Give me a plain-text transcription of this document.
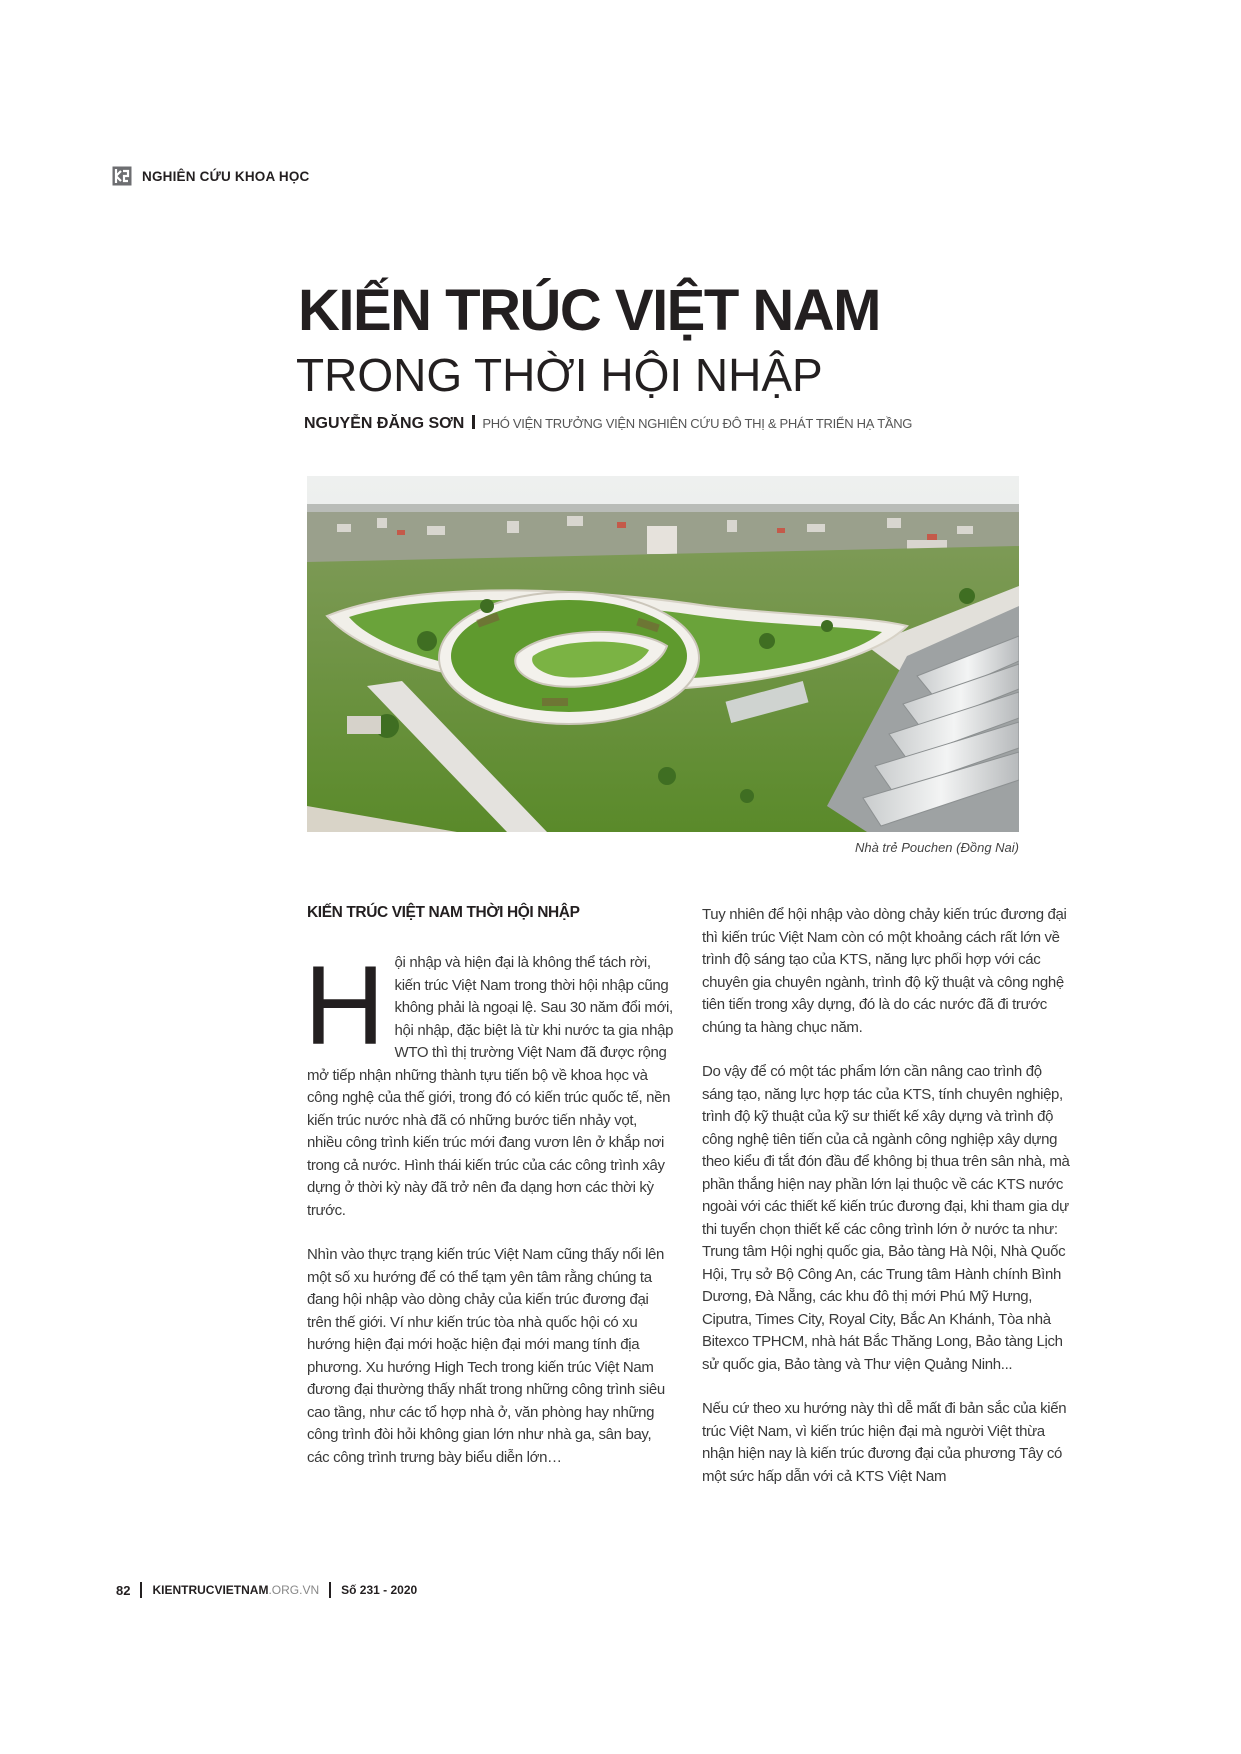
NGHIÊN CỨU KHOA HỌC
KIẾN TRÚC VIỆT NAM
TRONG THỜI HỘI NHẬP
NGUYỄN ĐĂNG SƠN PHÓ VIỆN TRƯỞNG VIỆN NGHIÊN CỨU ĐÔ THỊ & PHÁT TRIỂN HẠ TẦNG
Nhà trẻ Pouchen (Đồng Nai)
KIẾN TRÚC VIỆT NAM THỜI HỘI NHẬP

Hội nhập và hiện đại là không thể tách rời, kiến trúc Việt Nam trong thời hội nhập cũng không phải là ngoại lệ. Sau 30 năm đổi mới, hội nhập, đặc biệt là từ khi nước ta gia nhập WTO thì thị trường Việt Nam đã được rộng mở tiếp nhận những thành tựu tiến bộ về khoa học và công nghệ của thế giới, trong đó có kiến trúc quốc tế, nền kiến trúc nước nhà đã có những bước tiến nhảy vọt, nhiều công trình kiến trúc mới đang vươn lên ở khắp nơi trong cả nước. Hình thái kiến trúc của các công trình xây dựng ở thời kỳ này đã trở nên đa dạng hơn các thời kỳ trước.

Nhìn vào thực trạng kiến trúc Việt Nam cũng thấy nổi lên một số xu hướng để có thể tạm yên tâm rằng chúng ta đang hội nhập vào dòng chảy của kiến trúc đương đại trên thế giới. Ví như kiến trúc tòa nhà quốc hội có xu hướng hiện đại mới hoặc hiện đại mới mang tính địa phương. Xu hướng High Tech trong kiến trúc Việt Nam đương đại thường thấy nhất trong những công trình siêu cao tầng, như các tổ hợp nhà ở, văn phòng hay những công trình đòi hỏi không gian lớn như nhà ga, sân bay, các công trình trưng bày biểu diễn lớn…

Tuy nhiên để hội nhập vào dòng chảy kiến trúc đương đại thì kiến trúc Việt Nam còn có một khoảng cách rất lớn về trình độ sáng tạo của KTS, năng lực phối hợp với các chuyên gia chuyên ngành, trình độ kỹ thuật và công nghệ tiên tiến trong xây dựng, đó là do các nước đã đi trước chúng ta hàng chục năm.

Do vậy để có một tác phẩm lớn cần nâng cao trình độ sáng tạo, năng lực hợp tác của KTS, tính chuyên nghiệp, trình độ kỹ thuật của kỹ sư thiết kế xây dựng và trình độ công nghệ tiên tiến của cả ngành công nghiệp xây dựng theo kiểu đi tắt đón đầu để không bị thua trên sân nhà, mà phần thắng hiện nay phần lớn lại thuộc về các KTS nước ngoài với các thiết kế kiến trúc đương đại, khi tham gia dự thi tuyển chọn thiết kế các công trình lớn ở nước ta như: Trung tâm Hội nghị quốc gia, Bảo tàng Hà Nội, Nhà Quốc Hội, Trụ sở Bộ Công An, các Trung tâm Hành chính Bình Dương, Đà Nẵng, các khu đô thị mới Phú Mỹ Hưng, Ciputra, Times City, Royal City, Bắc An Khánh, Tòa nhà Bitexco TPHCM, nhà hát Bắc Thăng Long, Bảo tàng Lịch sử quốc gia, Bảo tàng và Thư viện Quảng Ninh...

Nếu cứ theo xu hướng này thì dễ mất đi bản sắc của kiến trúc Việt Nam, vì kiến trúc hiện đại mà người Việt thừa nhận hiện nay là kiến trúc đương đại của phương Tây có một sức hấp dẫn với cả KTS Việt Nam

82 KIENTRUCVIETNAM .ORG.VN Số 231 - 2020
